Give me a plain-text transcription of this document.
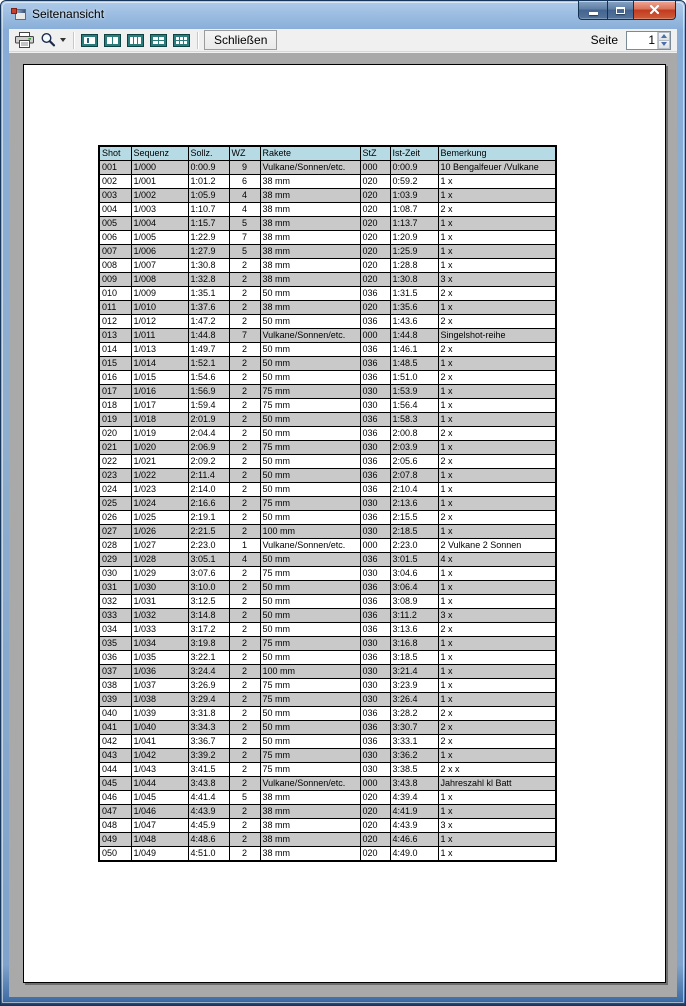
Seitenansicht
Schließen	Seite
1
Shot	Sequenz	Sollz.	WZ	Rakete	StZ	Ist-Zeit	Bemerkung
001	1/000	0:00.9	9	Vulkane/Sonnen/etc.	000	0:00.9	10 Bengalfeuer /Vulkane
002	1/001	1:01.2	6	38 mm	020	0:59.2	1 x
003	1/002	1:05.9	4	38 mm	020	1:03.9	1 x
004	1/003	1:10.7	4	38 mm	020	1:08.7	2 x
005	1/004	1:15.7	5	38 mm	020	1:13.7	1 x
006	1/005	1:22.9	7	38 mm	020	1:20.9	1 x
007	1/006	1:27.9	5	38 mm	020	1:25.9	1 x
008	1/007	1:30.8	2	38 mm	020	1:28.8	1 x
009	1/008	1:32.8	2	38 mm	020	1:30.8	3 x
010	1/009	1:35.1	2	50 mm	036	1:31.5	2 x
011	1/010	1:37.6	2	38 mm	020	1:35.6	1 x
012	1/012	1:47.2	2	50 mm	036	1:43.6	2 x
013	1/011	1:44.8	7	Vulkane/Sonnen/etc.	000	1:44.8	Singelshot-reihe
014	1/013	1:49.7	2	50 mm	036	1:46.1	2 x
015	1/014	1:52.1	2	50 mm	036	1:48.5	1 x
016	1/015	1:54.6	2	50 mm	036	1:51.0	2 x
017	1/016	1:56.9	2	75 mm	030	1:53.9	1 x
018	1/017	1:59.4	2	75 mm	030	1:56.4	1 x
019	1/018	2:01.9	2	50 mm	036	1:58.3	1 x
020	1/019	2:04.4	2	50 mm	036	2:00.8	2 x
021	1/020	2:06.9	2	75 mm	030	2:03.9	1 x
022	1/021	2:09.2	2	50 mm	036	2:05.6	2 x
023	1/022	2:11.4	2	50 mm	036	2:07.8	1 x
024	1/023	2:14.0	2	50 mm	036	2:10.4	1 x
025	1/024	2:16.6	2	75 mm	030	2:13.6	1 x
026	1/025	2:19.1	2	50 mm	036	2:15.5	2 x
027	1/026	2:21.5	2	100 mm	030	2:18.5	1 x
028	1/027	2:23.0	1	Vulkane/Sonnen/etc.	000	2:23.0	2 Vulkane 2 Sonnen
029	1/028	3:05.1	4	50 mm	036	3:01.5	4 x
030	1/029	3:07.6	2	75 mm	030	3:04.6	1 x
031	1/030	3:10.0	2	50 mm	036	3:06.4	1 x
032	1/031	3:12.5	2	50 mm	036	3:08.9	1 x
033	1/032	3:14.8	2	50 mm	036	3:11.2	3 x
034	1/033	3:17.2	2	50 mm	036	3:13.6	2 x
035	1/034	3:19.8	2	75 mm	030	3:16.8	1 x
036	1/035	3:22.1	2	50 mm	036	3:18.5	1 x
037	1/036	3:24.4	2	100 mm	030	3:21.4	1 x
038	1/037	3:26.9	2	75 mm	030	3:23.9	1 x
039	1/038	3:29.4	2	75 mm	030	3:26.4	1 x
040	1/039	3:31.8	2	50 mm	036	3:28.2	2 x
041	1/040	3:34.3	2	50 mm	036	3:30.7	2 x
042	1/041	3:36.7	2	50 mm	036	3:33.1	2 x
043	1/042	3:39.2	2	75 mm	030	3:36.2	1 x
044	1/043	3:41.5	2	75 mm	030	3:38.5	2 x x
045	1/044	3:43.8	2	Vulkane/Sonnen/etc.	000	3:43.8	Jahreszahl kl Batt
046	1/045	4:41.4	5	38 mm	020	4:39.4	1 x
047	1/046	4:43.9	2	38 mm	020	4:41.9	1 x
048	1/047	4:45.9	2	38 mm	020	4:43.9	3 x
049	1/048	4:48.6	2	38 mm	020	4:46.6	1 x
050	1/049	4:51.0	2	38 mm	020	4:49.0	1 x
